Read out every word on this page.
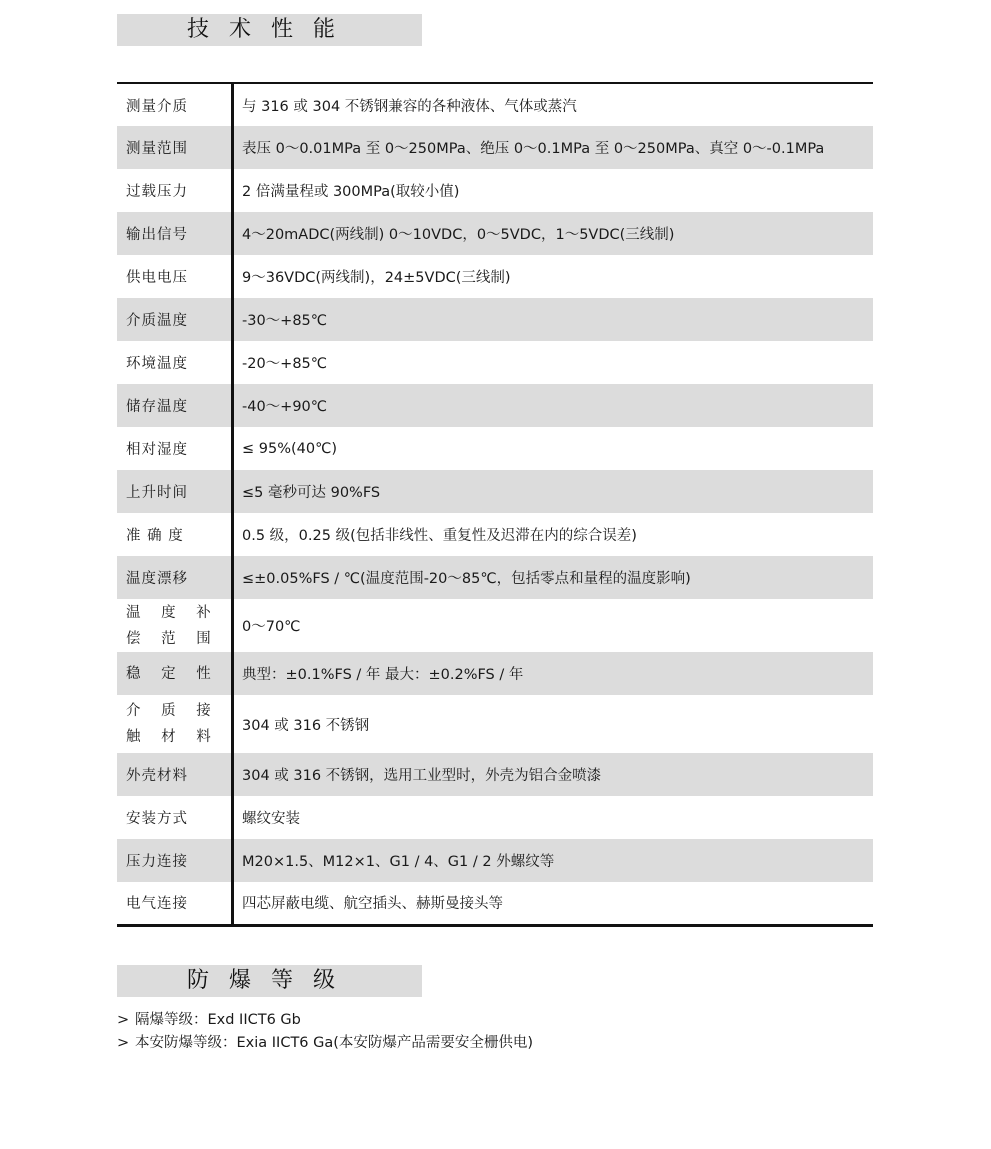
技术性能
测量介质	与 316 或 304 不锈钢兼容的各种液体、气体或蒸汽
测量范围	表压 0～0.01MPa 至 0～250MPa、绝压 0～0.1MPa 至 0～250MPa、真空 0～-0.1MPa
过载压力	2 倍满量程或 300MPa(取较小值)
输出信号	4～20mADC(两线制) 0～10VDC，0～5VDC，1～5VDC(三线制)
供电电压	9～36VDC(两线制)，24±5VDC(三线制)
介质温度	-30～+85℃
环境温度	-20～+85℃
储存温度	-40～+90℃
相对湿度	≤ 95%(40℃)
上升时间	≤5 毫秒可达 90%FS
准 确 度	0.5 级，0.25 级(包括非线性、重复性及迟滞在内的综合误差)
温度漂移	≤±0.05%FS / ℃(温度范围-20～85℃，包括零点和量程的温度影响)
温 度 补 偿 范 围	0～70℃
稳 定 性	典型：±0.1%FS / 年 最大：±0.2%FS / 年
介 质 接 触 材 料	304 或 316 不锈钢
外壳材料	304 或 316 不锈钢，选用工业型时，外壳为铝合金喷漆
安装方式	螺纹安装
压力连接	M20×1.5、M12×1、G1 / 4、G1 / 2 外螺纹等
电气连接	四芯屏蔽电缆、航空插头、赫斯曼接头等
防爆等级
> 隔爆等级：Exd IICT6 Gb
> 本安防爆等级：Exia IICT6 Ga(本安防爆产品需要安全栅供电)
